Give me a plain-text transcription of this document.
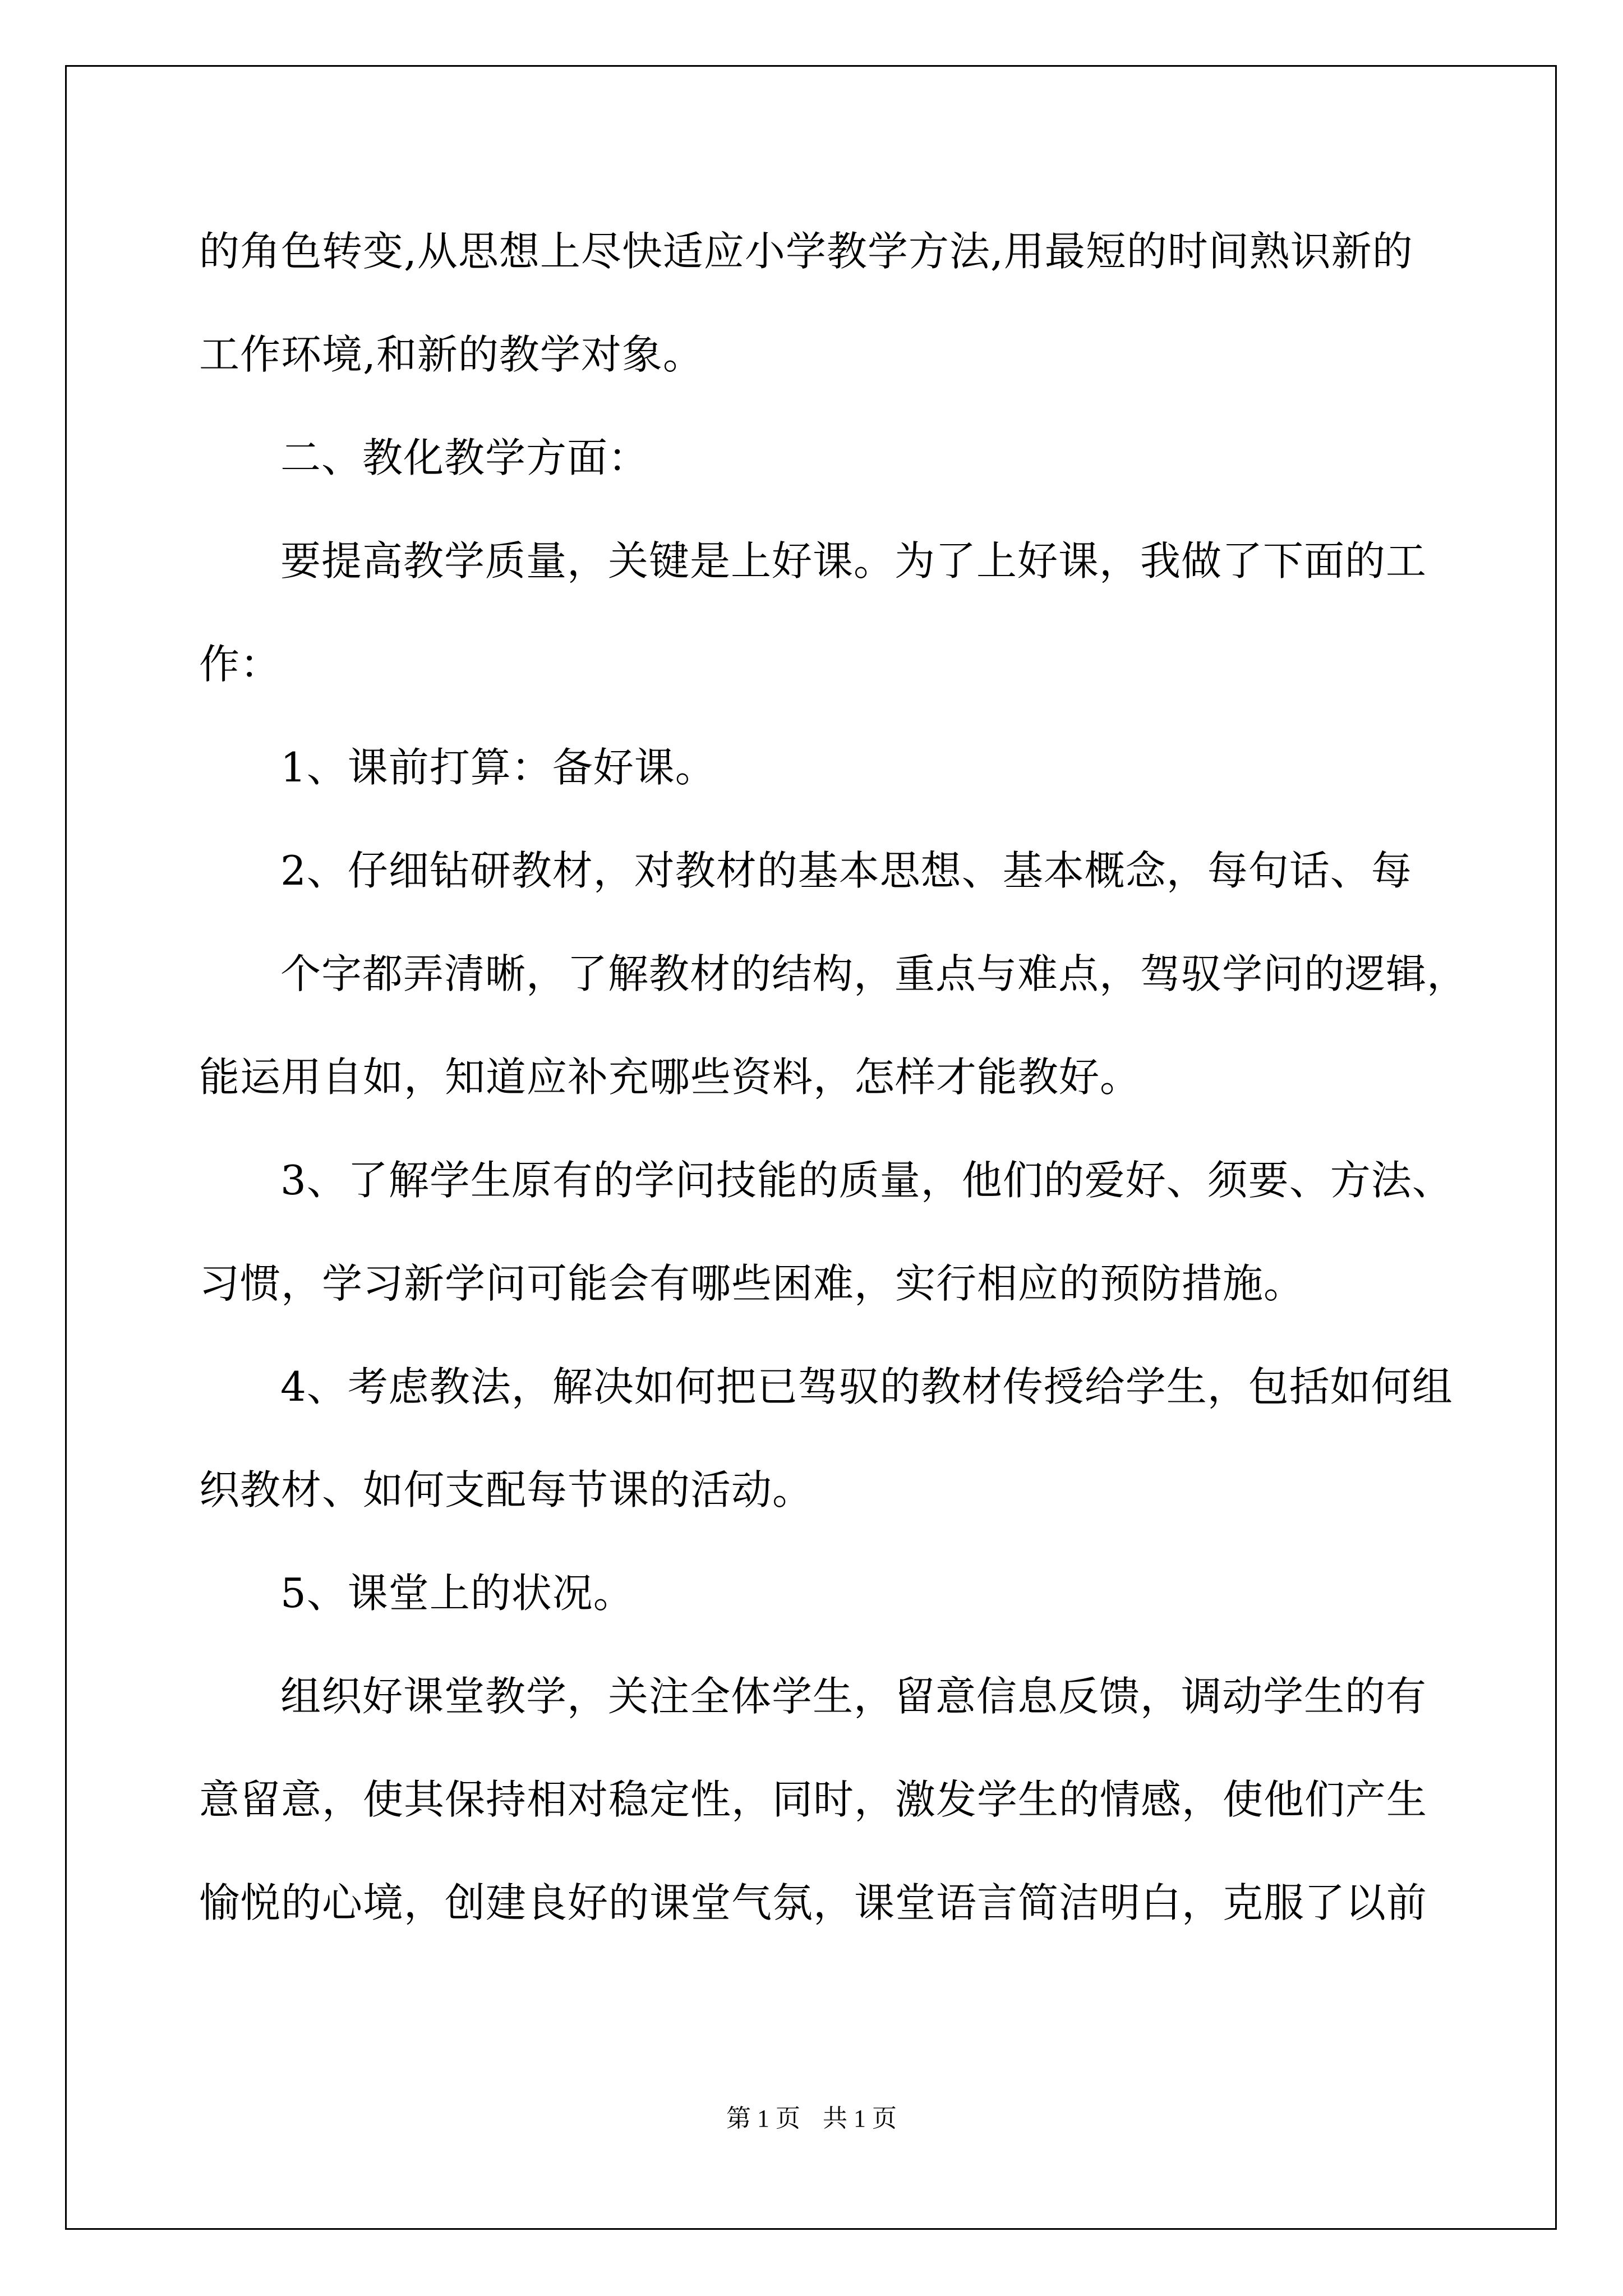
的角色转变,从思想上尽快适应小学教学方法,用最短的时间熟识新的
工作环境,和新的教学对象。
二、教化教学方面：
要提高教学质量，关键是上好课。为了上好课，我做了下面的工
作：
1、课前打算：备好课。
2、仔细钻研教材，对教材的基本思想、基本概念，每句话、每
个字都弄清晰，了解教材的结构，重点与难点，驾驭学问的逻辑，
能运用自如，知道应补充哪些资料，怎样才能教好。
3、了解学生原有的学问技能的质量，他们的爱好、须要、方法、
习惯，学习新学问可能会有哪些困难，实行相应的预防措施。
4、考虑教法，解决如何把已驾驭的教材传授给学生，包括如何组
织教材、如何支配每节课的活动。
5、课堂上的状况。
组织好课堂教学，关注全体学生，留意信息反馈，调动学生的有
意留意，使其保持相对稳定性，同时，激发学生的情感，使他们产生
愉悦的心境，创建良好的课堂气氛，课堂语言简洁明白，克服了以前
第 1 页 共 1 页
